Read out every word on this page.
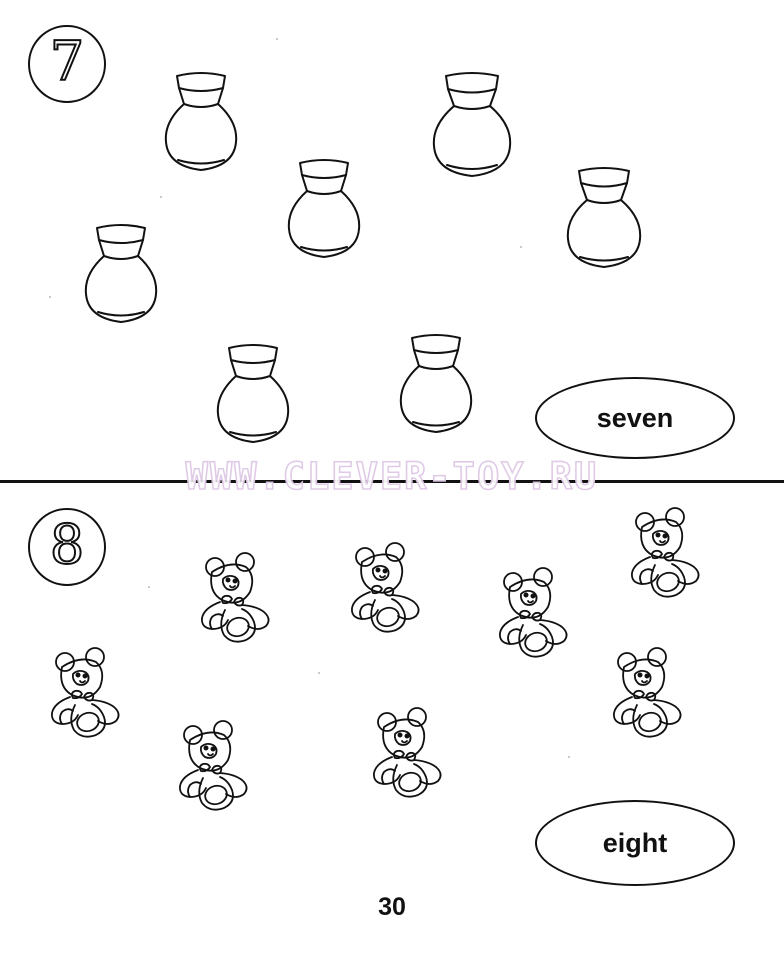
7
8
seven
WWW.CLEVER-TOY.RU
eight
30
